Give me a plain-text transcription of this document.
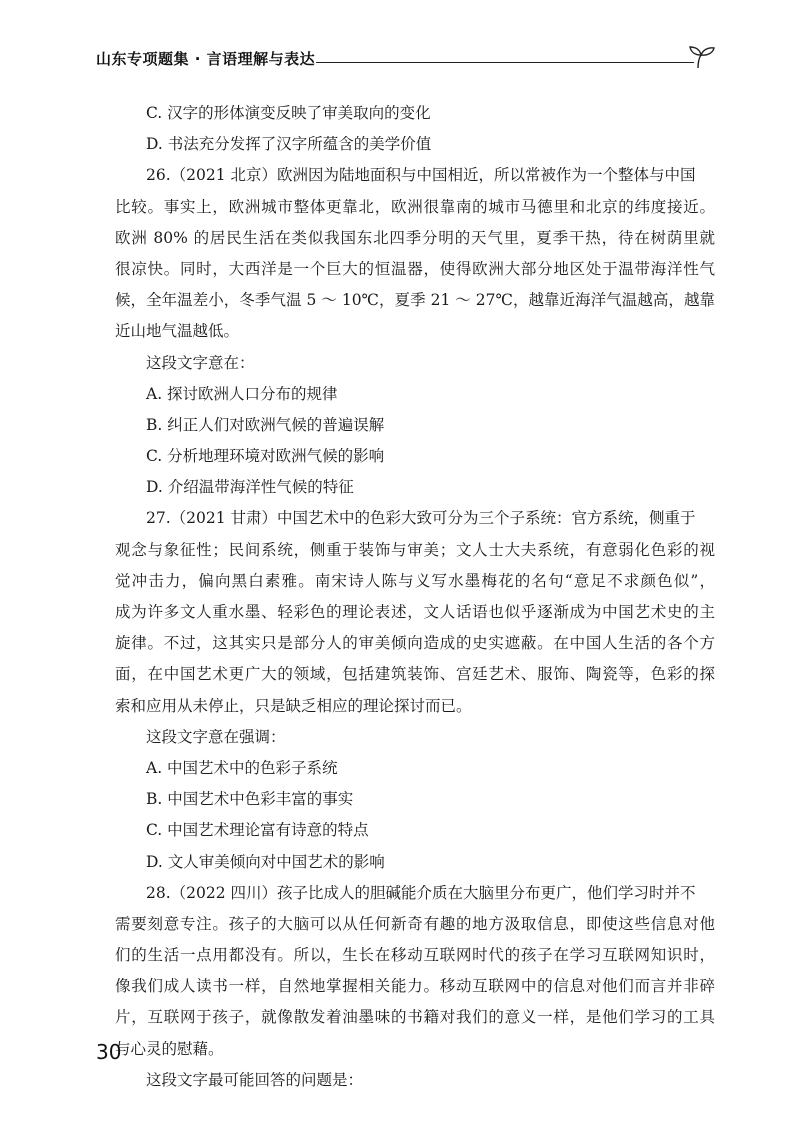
山东专项题集 · 言语理解与表达
C. 汉字的形体演变反映了审美取向的变化
D. 书法充分发挥了汉字所蕴含的美学价值
26.（2021 北京）欧洲因为陆地面积与中国相近，所以常被作为一个整体与中国
比较。事实上，欧洲城市整体更靠北，欧洲很靠南的城市马德里和北京的纬度接近。
欧洲 80% 的居民生活在类似我国东北四季分明的天气里，夏季干热，待在树荫里就
很凉快。同时，大西洋是一个巨大的恒温器，使得欧洲大部分地区处于温带海洋性气
候，全年温差小，冬季气温 5 ～ 10℃，夏季 21 ～ 27℃，越靠近海洋气温越高，越靠
近山地气温越低。
这段文字意在：
A. 探讨欧洲人口分布的规律
B. 纠正人们对欧洲气候的普遍误解
C. 分析地理环境对欧洲气候的影响
D. 介绍温带海洋性气候的特征
27.（2021 甘肃）中国艺术中的色彩大致可分为三个子系统：官方系统，侧重于
观念与象征性；民间系统，侧重于装饰与审美；文人士大夫系统，有意弱化色彩的视
觉冲击力，偏向黑白素雅。南宋诗人陈与义写水墨梅花的名句“意足不求颜色似”，
成为许多文人重水墨、轻彩色的理论表述，文人话语也似乎逐渐成为中国艺术史的主
旋律。不过，这其实只是部分人的审美倾向造成的史实遮蔽。在中国人生活的各个方
面，在中国艺术更广大的领域，包括建筑装饰、宫廷艺术、服饰、陶瓷等，色彩的探
索和应用从未停止，只是缺乏相应的理论探讨而已。
这段文字意在强调：
A. 中国艺术中的色彩子系统
B. 中国艺术中色彩丰富的事实
C. 中国艺术理论富有诗意的特点
D. 文人审美倾向对中国艺术的影响
28.（2022 四川）孩子比成人的胆碱能介质在大脑里分布更广，他们学习时并不
需要刻意专注。孩子的大脑可以从任何新奇有趣的地方汲取信息，即使这些信息对他
们的生活一点用都没有。所以，生长在移动互联网时代的孩子在学习互联网知识时，
像我们成人读书一样，自然地掌握相关能力。移动互联网中的信息对他们而言并非碎
片，互联网于孩子，就像散发着油墨味的书籍对我们的意义一样，是他们学习的工具
与心灵的慰藉。
这段文字最可能回答的问题是：
30
